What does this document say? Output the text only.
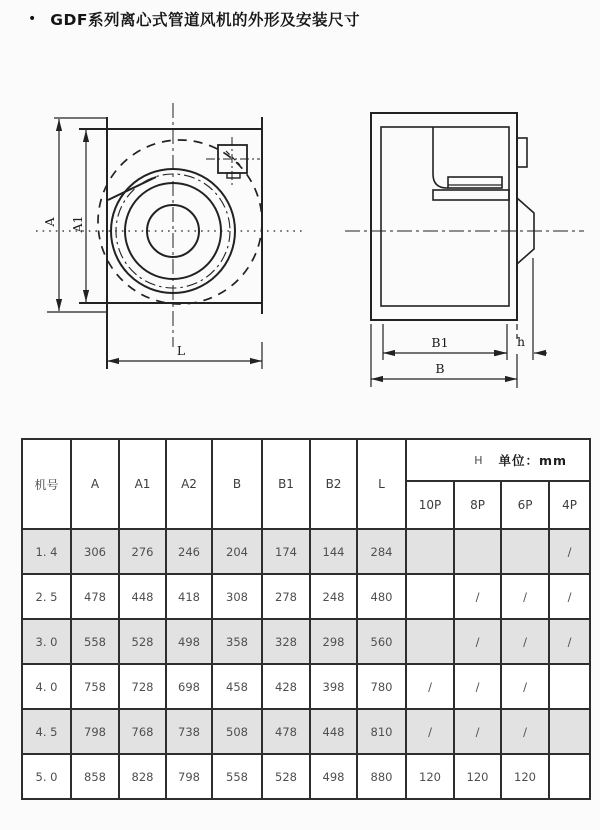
• GDF系列离心式管道风机的外形及安装尺寸
A A1
L
B1	h
B
机号	A	A1	A2	B	B1	B2	L	H 单位：mm			

								10P	8P	6P	4P
1. 4	306	276	246	204	174	144	284				/
2. 5	478	448	418	308	278	248	480		/	/	/
3. 0	558	528	498	358	328	298	560		/	/	/
4. 0	758	728	698	458	428	398	780	/	/	/	
4. 5	798	768	738	508	478	448	810	/	/	/	
5. 0	858	828	798	558	528	498	880	120	120	120	
